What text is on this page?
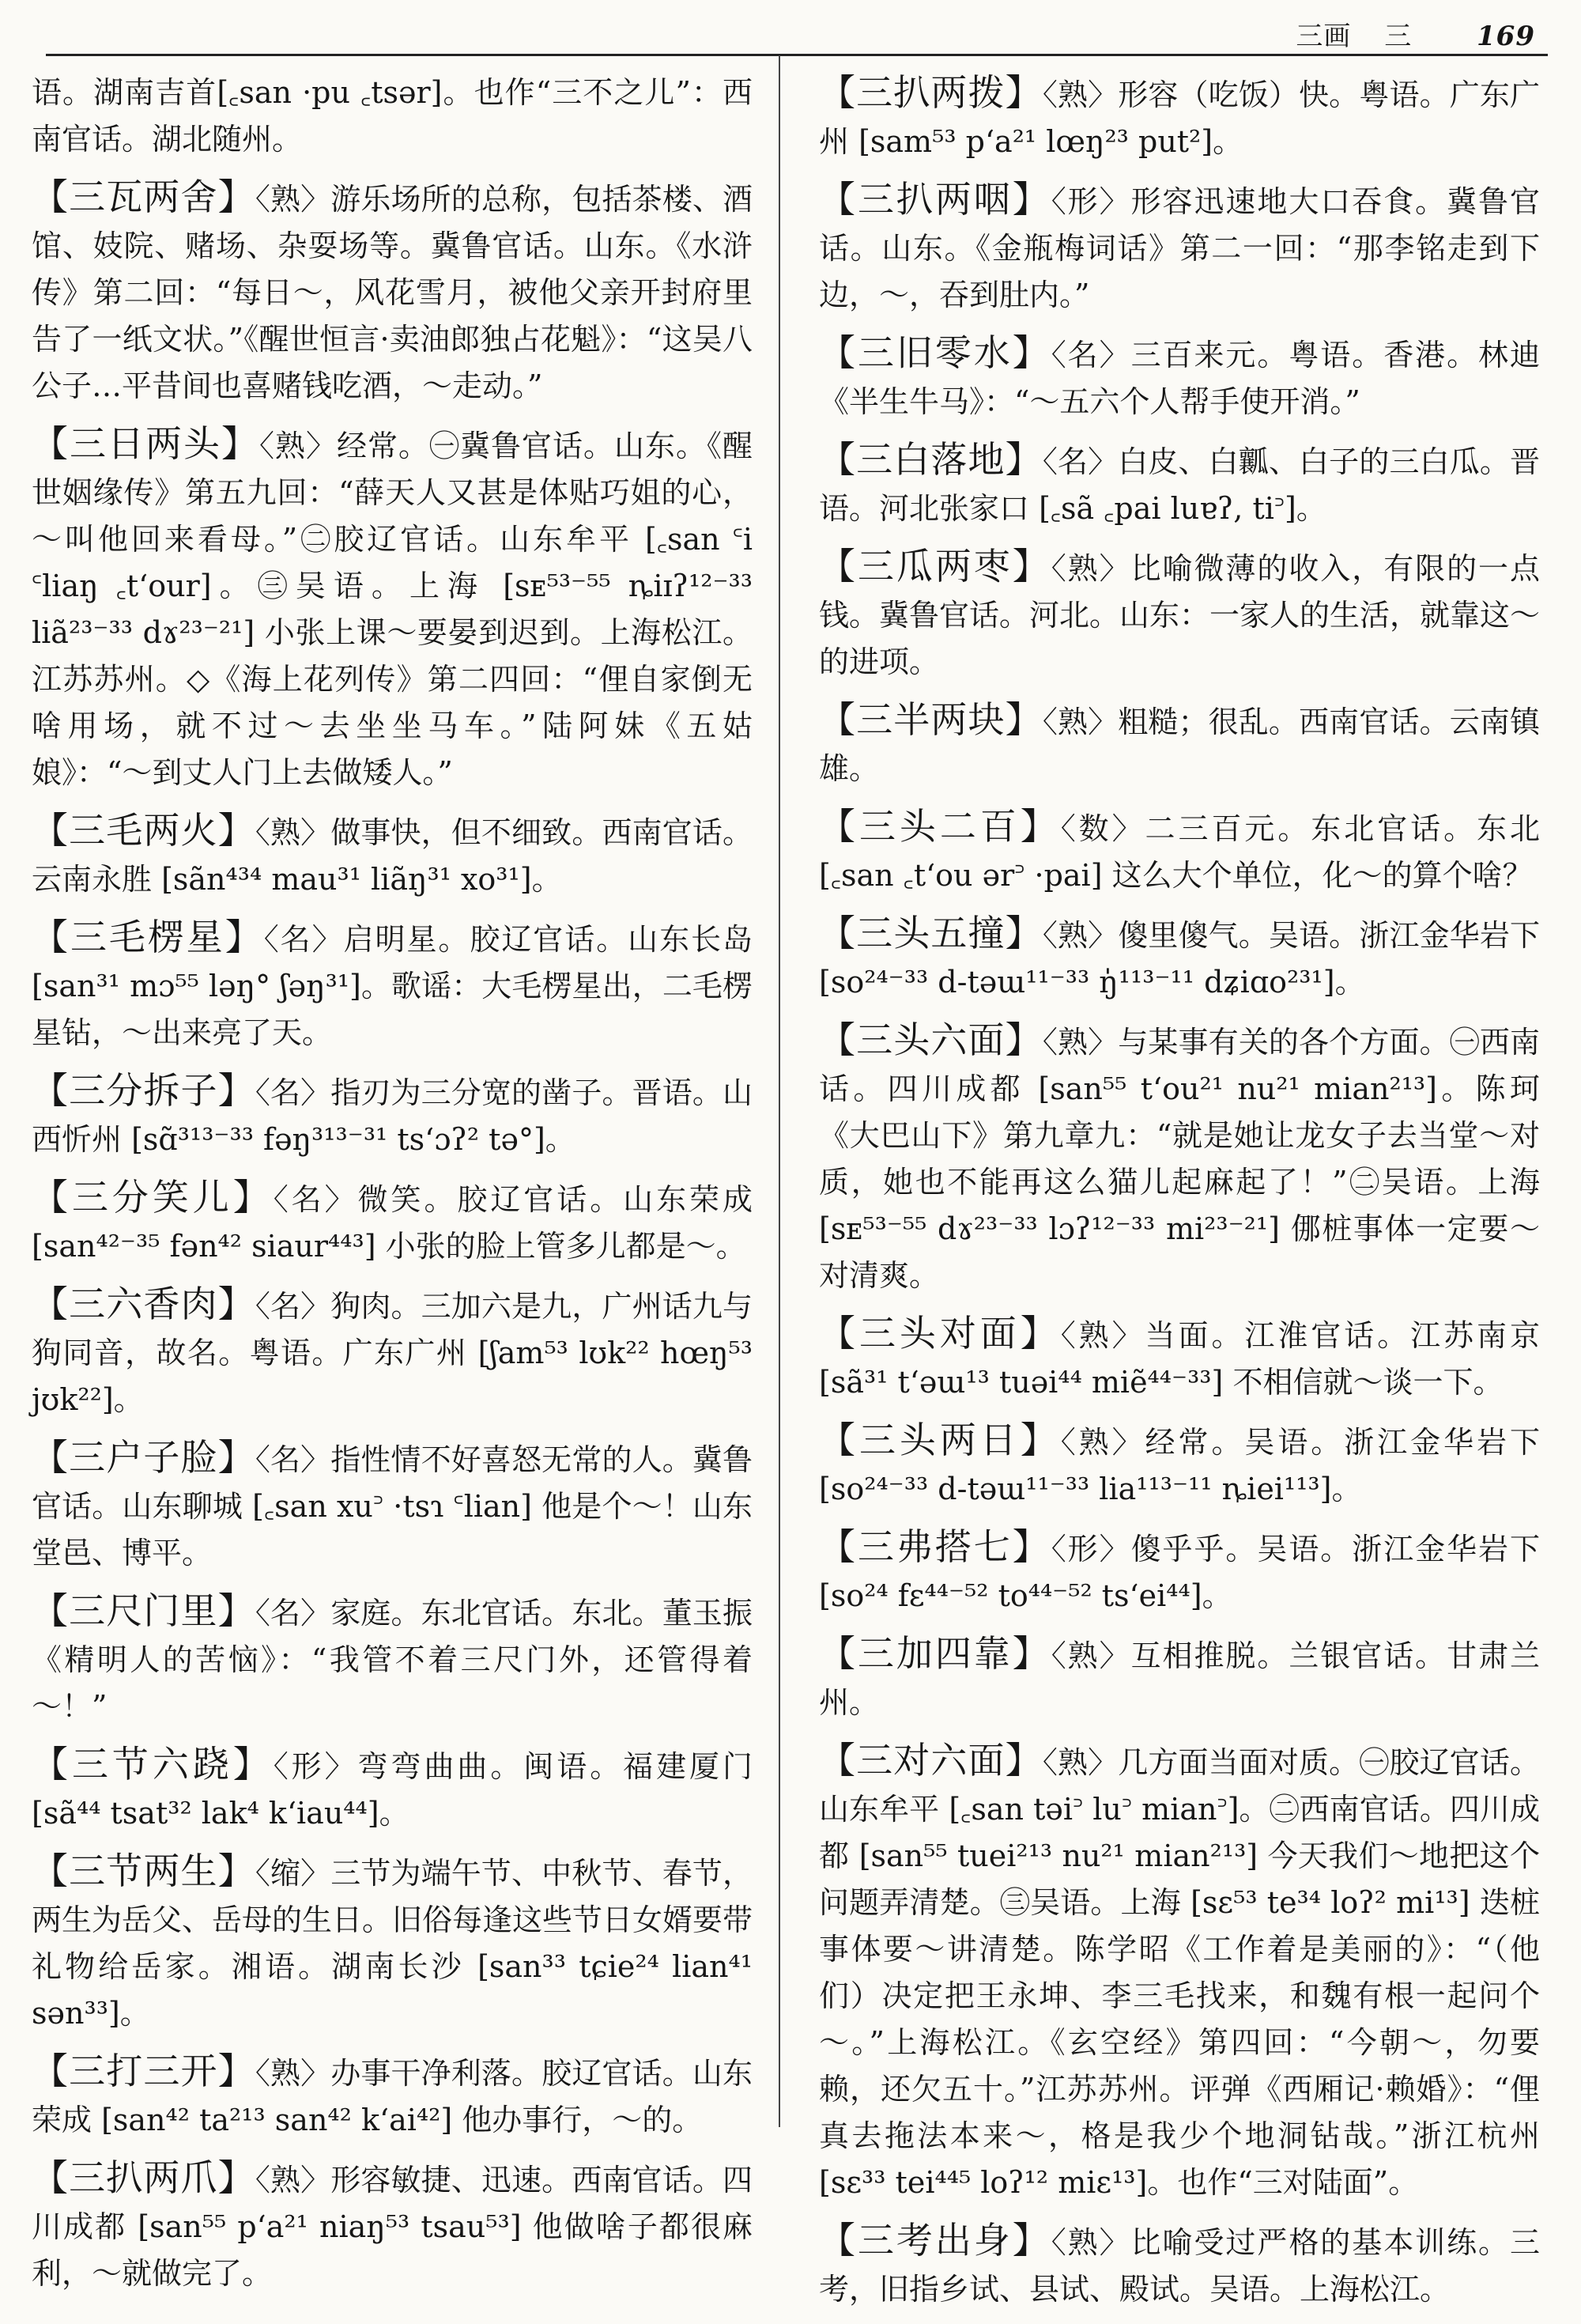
三画 三 169

语。湖南吉首[꜀san ·pu ꜀tsər]。也作“三不之儿”：西南官话。湖北随州。

【三瓦两舍】〈熟〉游乐场所的总称，包括茶楼、酒馆、妓院、赌场、杂耍场等。冀鲁官话。山东。《水浒传》第二回：“每日～，风花雪月，被他父亲开封府里告了一纸文状。”《醒世恒言·卖油郎独占花魁》：“这吴八公子…平昔间也喜赌钱吃酒，～走动。”

【三日两头】〈熟〉经常。㊀冀鲁官话。山东。《醒世姻缘传》第五九回：“薛天人又甚是体贴巧姐的心，～叫他回来看母。”㊁胶辽官话。山东牟平 [꜀san ꜂i ꜂liaŋ ꜀t‘our]。㊂吴语。上海 [sᴇ⁵³⁻⁵⁵ ȵiɪʔ¹²⁻³³ liã²³⁻³³ dɤ²³⁻²¹] 小张上课～要晏到迟到。上海松江。江苏苏州。◇《海上花列传》第二四回：“俚自家倒无啥用场，就不过～去坐坐马车。”陆阿妹《五姑娘》：“～到丈人门上去做矮人。”

【三毛两火】〈熟〉做事快，但不细致。西南官话。云南永胜 [sãn⁴³⁴ mau³¹ liãŋ³¹ xo³¹]。

【三毛楞星】〈名〉启明星。胶辽官话。山东长岛 [san³¹ mɔ⁵⁵ ləŋ° ʃəŋ³¹]。歌谣：大毛楞星出，二毛楞星钻，～出来亮了天。

【三分拆子】〈名〉指刃为三分宽的凿子。晋语。山西忻州 [sɑ̃³¹³⁻³³ fəŋ³¹³⁻³¹ ts‘ɔʔ² tə°]。

【三分笑儿】〈名〉微笑。胶辽官话。山东荣成 [san⁴²⁻³⁵ fən⁴² siaur⁴⁴³] 小张的脸上管多儿都是～。

【三六香肉】〈名〉狗肉。三加六是九，广州话九与狗同音，故名。粤语。广东广州 [ʃam⁵³ lʊk²² hœŋ⁵³ jʊk²²]。

【三户子脸】〈名〉指性情不好喜怒无常的人。冀鲁官话。山东聊城 [꜀san xu꜄ ·tsɿ ꜂lian] 他是个～！山东堂邑、博平。

【三尺门里】〈名〉家庭。东北官话。东北。董玉振《精明人的苦恼》：“我管不着三尺门外，还管得着～！”

【三节六跷】〈形〉弯弯曲曲。闽语。福建厦门 [sã⁴⁴ tsat³² lak⁴ k‘iau⁴⁴]。

【三节两生】〈缩〉三节为端午节、中秋节、春节，两生为岳父、岳母的生日。旧俗每逢这些节日女婿要带礼物给岳家。湘语。湖南长沙 [san³³ tɕie²⁴ lian⁴¹ sən³³]。

【三打三开】〈熟〉办事干净利落。胶辽官话。山东荣成 [san⁴² ta²¹³ san⁴² k‘ai⁴²] 他办事行，～的。

【三扒两爪】〈熟〉形容敏捷、迅速。西南官话。四川成都 [san⁵⁵ p‘a²¹ niaŋ⁵³ tsau⁵³] 他做啥子都很麻利，～就做完了。

【三扒两拨】〈熟〉形容（吃饭）快。粤语。广东广州 [sam⁵³ p‘a²¹ lœŋ²³ put²]。

【三扒两咽】〈形〉形容迅速地大口吞食。冀鲁官话。山东。《金瓶梅词话》第二一回：“那李铭走到下边，～，吞到肚内。”

【三旧零水】〈名〉三百来元。粤语。香港。林迪《半生牛马》：“～五六个人帮手使开消。”

【三白落地】〈名〉白皮、白瓤、白子的三白瓜。晋语。河北张家口 [꜀sã ꜀pai luɐʔ, ti꜄]。

【三瓜两枣】〈熟〉比喻微薄的收入，有限的一点钱。冀鲁官话。河北。山东：一家人的生活，就靠这～的进项。

【三半两块】〈熟〉粗糙；很乱。西南官话。云南镇雄。

【三头二百】〈数〉二三百元。东北官话。东北 [꜀san ꜀t‘ou ər꜄ ·pai] 这么大个单位，化～的算个啥？

【三头五撞】〈熟〉傻里傻气。吴语。浙江金华岩下 [so²⁴⁻³³ d-təɯ¹¹⁻³³ ŋ̍¹¹³⁻¹¹ dʑiɑo²³¹]。

【三头六面】〈熟〉与某事有关的各个方面。㊀西南话。四川成都 [san⁵⁵ t‘ou²¹ nu²¹ mian²¹³]。陈珂《大巴山下》第九章九：“就是她让龙女子去当堂～对质，她也不能再这么猫儿起麻起了！”㊁吴语。上海 [sᴇ⁵³⁻⁵⁵ dɤ²³⁻³³ lɔʔ¹²⁻³³ mi²³⁻²¹] 㑚桩事体一定要～对清爽。

【三头对面】〈熟〉当面。江淮官话。江苏南京 [sã³¹ t‘əɯ¹³ tuəi⁴⁴ miẽ⁴⁴⁻³³] 不相信就～谈一下。

【三头两日】〈熟〉经常。吴语。浙江金华岩下 [so²⁴⁻³³ d-təɯ¹¹⁻³³ lia¹¹³⁻¹¹ ȵiei¹¹³]。

【三弗搭七】〈形〉傻乎乎。吴语。浙江金华岩下 [so²⁴ fɛ⁴⁴⁻⁵² to⁴⁴⁻⁵² ts‘ei⁴⁴]。

【三加四靠】〈熟〉互相推脱。兰银官话。甘肃兰州。

【三对六面】〈熟〉几方面当面对质。㊀胶辽官话。山东牟平 [꜀san təi꜄ lu꜄ mian꜄]。㊁西南官话。四川成都 [san⁵⁵ tuei²¹³ nu²¹ mian²¹³] 今天我们～地把这个问题弄清楚。㊂吴语。上海 [sɛ⁵³ te³⁴ loʔ² mi¹³] 迭桩事体要～讲清楚。陈学昭《工作着是美丽的》：“（他们）决定把王永坤、李三毛找来，和魏有根一起问个～。”上海松江。《玄空经》第四回：“今朝～，勿要赖，还欠五十。”江苏苏州。评弹《西厢记·赖婚》：“俚真去拖法本来～，格是我少个地洞钻哉。”浙江杭州 [sɛ³³ tei⁴⁴⁵ loʔ¹² miɛ¹³]。也作“三对陆面”。

【三考出身】〈熟〉比喻受过严格的基本训练。三考，旧指乡试、县试、殿试。吴语。上海松江。
